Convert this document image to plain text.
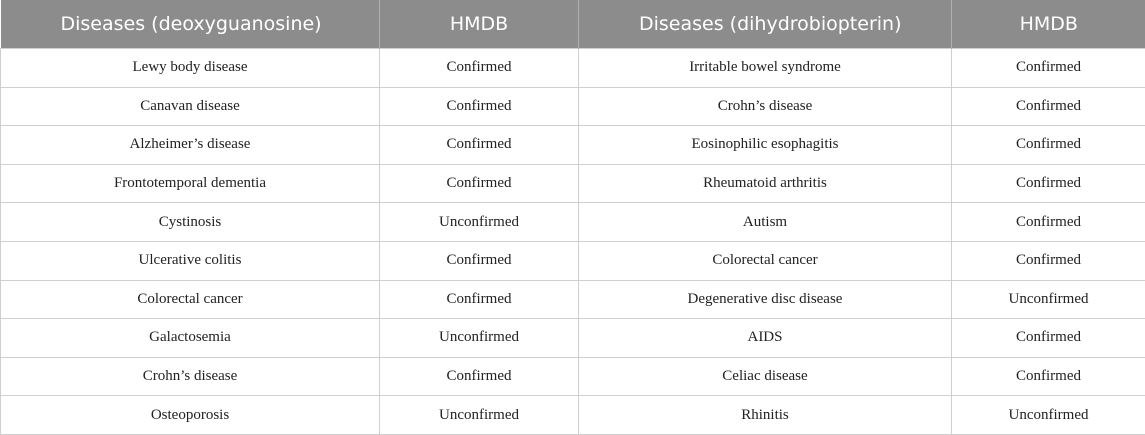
Diseases (deoxyguanosine)	HMDB	Diseases (dihydrobiopterin)	HMDB
Lewy body disease	Confirmed	Irritable bowel syndrome	Confirmed
Canavan disease	Confirmed	Crohn’s disease	Confirmed
Alzheimer’s disease	Confirmed	Eosinophilic esophagitis	Confirmed
Frontotemporal dementia	Confirmed	Rheumatoid arthritis	Confirmed
Cystinosis	Unconfirmed	Autism	Confirmed
Ulcerative colitis	Confirmed	Colorectal cancer	Confirmed
Colorectal cancer	Confirmed	Degenerative disc disease	Unconfirmed
Galactosemia	Unconfirmed	AIDS	Confirmed
Crohn’s disease	Confirmed	Celiac disease	Confirmed
Osteoporosis	Unconfirmed	Rhinitis	Unconfirmed
